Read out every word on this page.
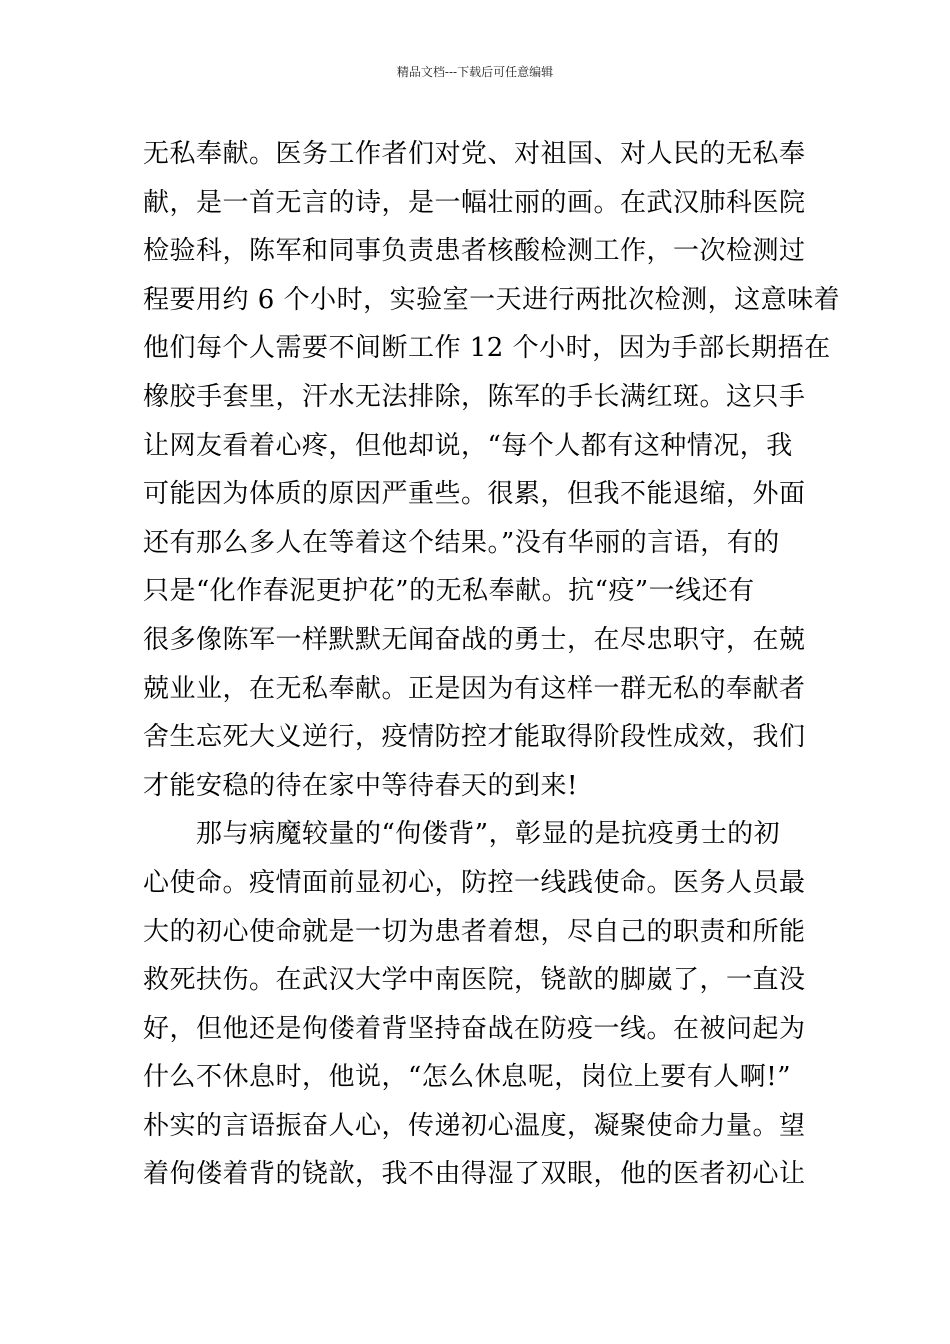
精品文档---下载后可任意编辑
无私奉献。医务工作者们对党、对祖国、对人民的无私奉
献，是一首无言的诗，是一幅壮丽的画。在武汉肺科医院
检验科，陈军和同事负责患者核酸检测工作，一次检测过
程要用约 6 个小时，实验室一天进行两批次检测，这意味着
他们每个人需要不间断工作 12 个小时，因为手部长期捂在
橡胶手套里，汗水无法排除，陈军的手长满红斑。这只手
让网友看着心疼，但他却说，“每个人都有这种情况，我
可能因为体质的原因严重些。很累，但我不能退缩，外面
还有那么多人在等着这个结果。”没有华丽的言语，有的
只是“化作春泥更护花”的无私奉献。抗“疫”一线还有
很多像陈军一样默默无闻奋战的勇士，在尽忠职守，在兢
兢业业，在无私奉献。正是因为有这样一群无私的奉献者
舍生忘死大义逆行，疫情防控才能取得阶段性成效，我们
才能安稳的待在家中等待春天的到来!
　　那与病魔较量的“佝偻背”，彰显的是抗疫勇士的初
心使命。疫情面前显初心，防控一线践使命。医务人员最
大的初心使命就是一切为患者着想，尽自己的职责和所能
救死扶伤。在武汉大学中南医院，铙歆的脚崴了，一直没
好，但他还是佝偻着背坚持奋战在防疫一线。在被问起为
什么不休息时，他说，“怎么休息呢，岗位上要有人啊!”
朴实的言语振奋人心，传递初心温度，凝聚使命力量。望
着佝偻着背的铙歆，我不由得湿了双眼，他的医者初心让
